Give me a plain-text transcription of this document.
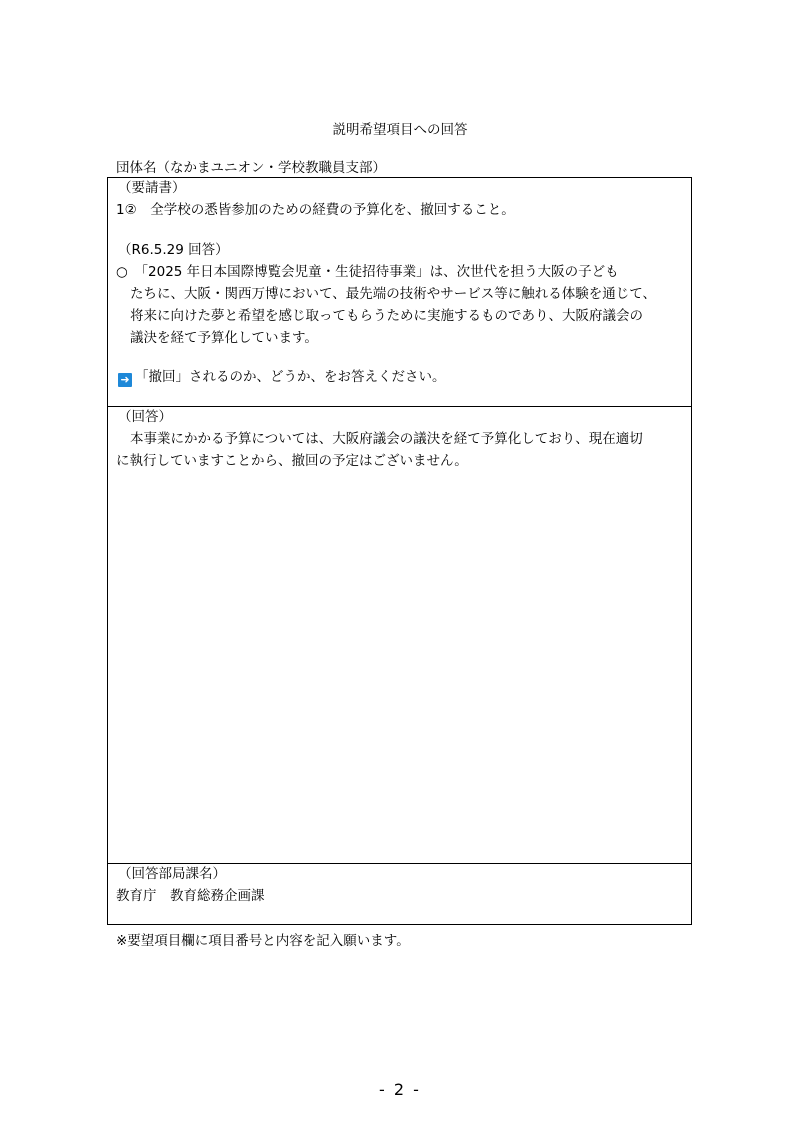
説明希望項目への回答
団体名（なかまユニオン・学校教職員支部）
（要請書）
1②　全学校の悉皆参加のための経費の予算化を、撤回すること。
（R6.5.29 回答）
○　「2025 年日本国際博覧会児童・生徒招待事業」は、次世代を担う大阪の子ども
たちに、大阪・関西万博において、最先端の技術やサービス等に触れる体験を通じて、
将来に向けた夢と希望を感じ取ってもらうために実施するものであり、大阪府議会の
議決を経て予算化しています。
➜ 「撤回」されるのか、どうか、をお答えください。
（回答）
本事業にかかる予算については、大阪府議会の議決を経て予算化しており、現在適切
に執行していますことから、撤回の予定はございません。
（回答部局課名）
教育庁　教育総務企画課
※要望項目欄に項目番号と内容を記入願います。
- 2 -
